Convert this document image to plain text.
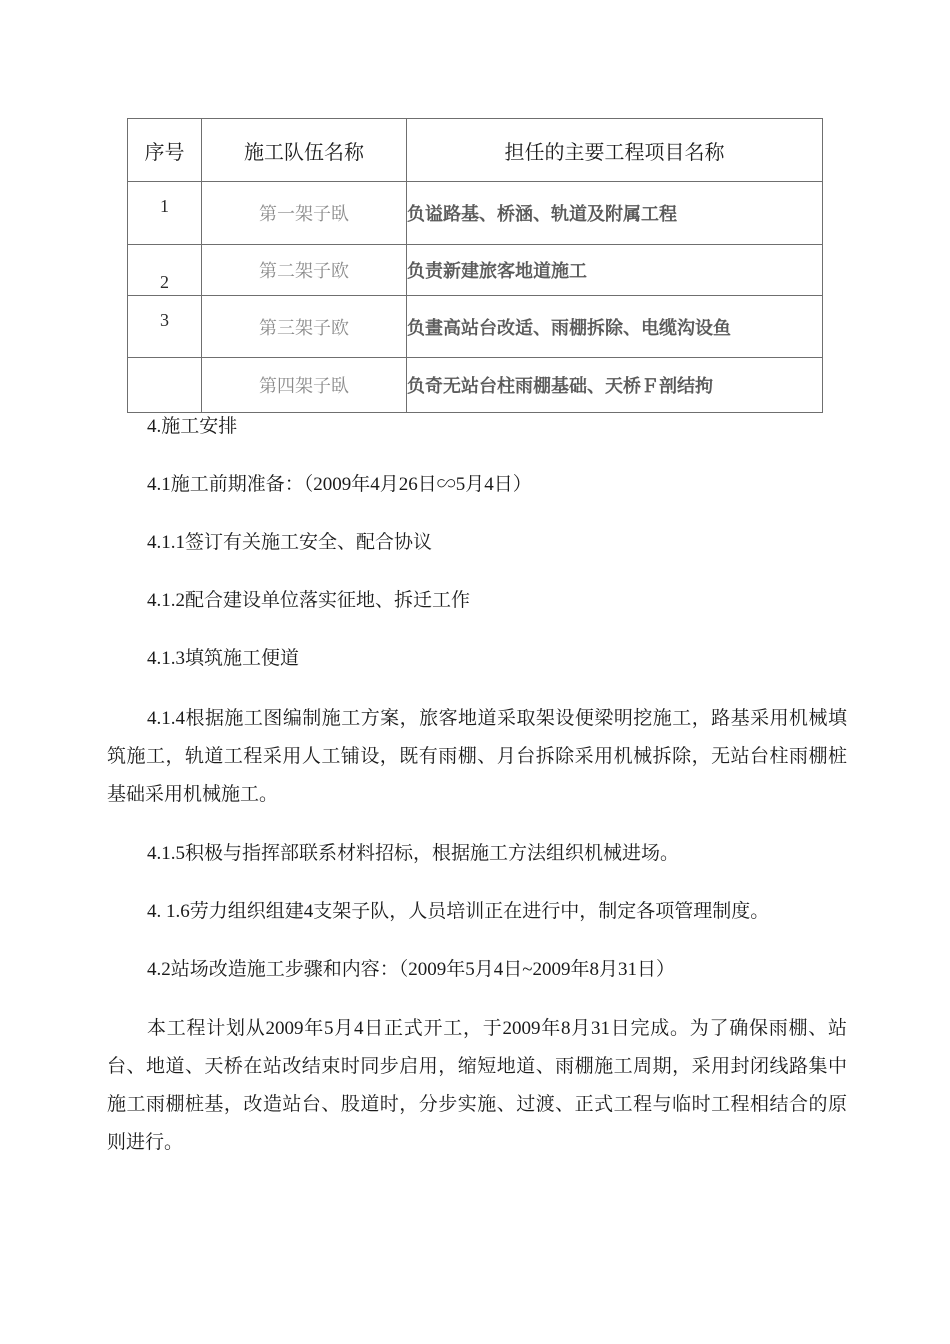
序号	施工队伍名称	担任的主要工程项目名称
1	第一架子臥	负谥路基、桥涵、轨道及附属工程
2	第二架子欧	负责新建旅客地道施工
3	第三架子欧	负畫高站台改适、雨棚拆除、电缆沟设鱼
	第四架子臥	负奇无站台柱雨棚基础、天桥Ｆ剖结拘

4.施工安排

4.1施工前期准备：（2009年4月26日∽5月4日）

4.1.1签订有关施工安全、配合协议

4.1.2配合建设单位落实征地、拆迁工作

4.1.3填筑施工便道

4.1.4根据施工图编制施工方案，旅客地道采取架设便梁明挖施工，路基采用机械填筑施工，轨道工程采用人工铺设，既有雨棚、月台拆除采用机械拆除，无站台柱雨棚桩基础采用机械施工。

4.1.5积极与指挥部联系材料招标，根据施工方法组织机械进场。

4. 1.6劳力组织组建4支架子队，人员培训正在进行中，制定各项管理制度。

4.2站场改造施工步骤和内容：（2009年5月4日~2009年8月31日）

本工程计划从2009年5月4日正式开工，于2009年8月31日完成。为了确保雨棚、站台、地道、天桥在站改结束时同步启用，缩短地道、雨棚施工周期，采用封闭线路集中施工雨棚桩基，改造站台、股道时，分步实施、过渡、正式工程与临时工程相结合的原则进行。
